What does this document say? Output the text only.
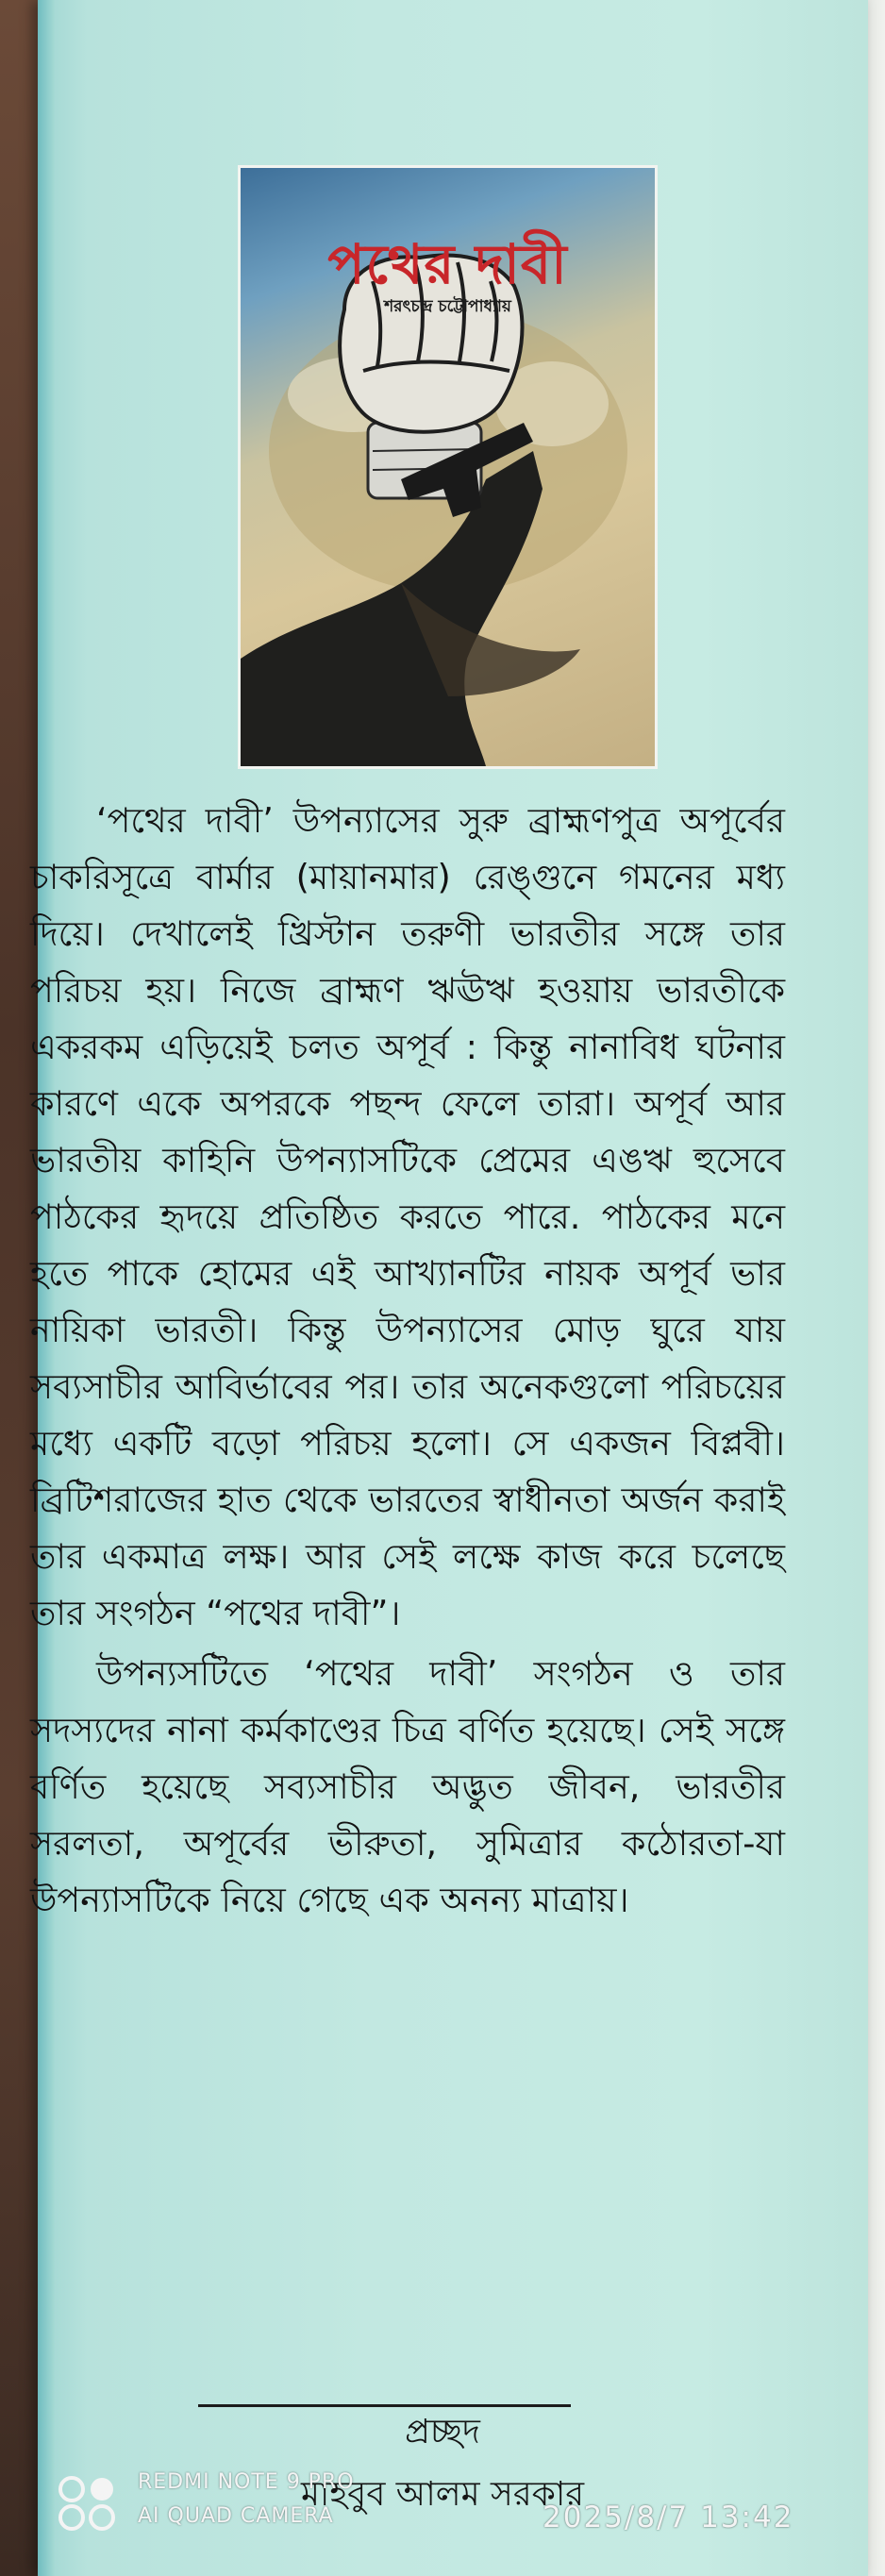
পথের দাবী
শরৎচন্দ্র চট্টোপাধ্যায়

‘পথের দাবী’ উপন্যাসের সুরু ব্রাহ্মণপুত্র অপূর্বের চাকরিসূত্রে বার্মার (মায়ানমার) রেঙ্গুনে গমনের মধ্য দিয়ে। দেখালেই খ্রিস্টান তরুণী ভারতীর সঙ্গে তার পরিচয় হয়। নিজে ব্রাহ্মণ ঋঊঋ হওয়ায় ভারতীকে একরকম এড়িয়েই চলত অপূর্ব : কিন্তু নানাবিধ ঘটনার কারণে একে অপরকে পছন্দ ফেলে তারা। অপূর্ব আর ভারতীয় কাহিনি উপন্যাসটিকে প্রেমের এঙঋ হুসেবে পাঠকের হৃদয়ে প্রতিষ্ঠিত করতে পারে. পাঠকের মনে হতে পাকে হোমের এই আখ্যানটির নায়ক অপূর্ব ভার নায়িকা ভারতী। কিন্তু উপন্যাসের মোড় ঘুরে যায় সব্যসাচীর আবির্ভাবের পর। তার অনেকগুলো পরিচয়ের মধ্যে একটি বড়ো পরিচয় হলো। সে একজন বিপ্লবী। ব্রিটিশরাজের হাত থেকে ভারতের স্বাধীনতা অর্জন করাই তার একমাত্র লক্ষ। আর সেই লক্ষে কাজ করে চলেছে তার সংগঠন “পথের দাবী”।

উপন্যসটিতে ‘পথের দাবী’ সংগঠন ও তার সদস্যদের নানা কর্মকাণ্ডের চিত্র বর্ণিত হয়েছে। সেই সঙ্গে বর্ণিত হয়েছে সব্যসাচীর অদ্ভুত জীবন, ভারতীর সরলতা, অপূর্বের ভীরুতা, সুমিত্রার কঠোরতা-যা উপন্যাসটিকে নিয়ে গেছে এক অনন্য মাত্রায়।

প্রচ্ছদ
মাহবুব আলম সরকার
REDMI NOTE 9 PRO
AI QUAD CAMERA	2025/8/7 13:42
